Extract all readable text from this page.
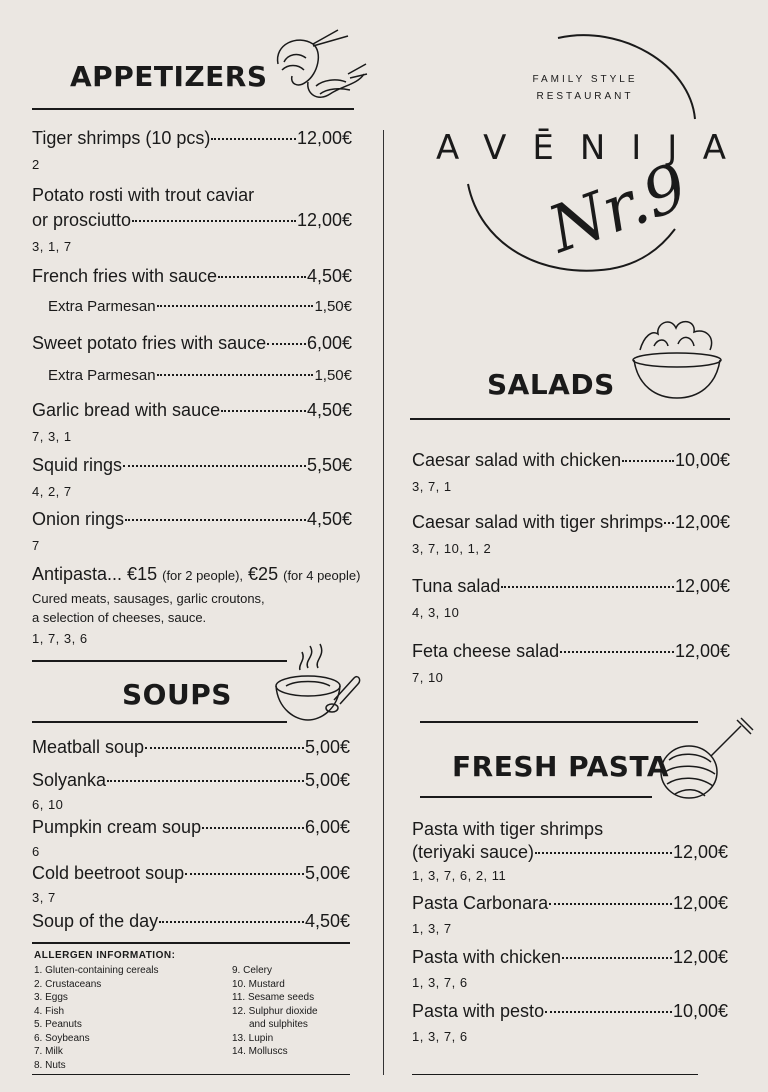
APPETIZERS
Tiger shrimps (10 pcs)	12,00€
2
Potato rosti with trout caviar
or prosciutto	12,00€
3, 1, 7
French fries with sauce	4,50€
Extra Parmesan	1,50€
Sweet potato fries with sauce 6,00€
Extra Parmesan	1,50€
Garlic bread with sauce	4,50€
7, 3, 1
Squid rings	5,50€
4, 2, 7
Onion rings	4,50€
7
Antipasta... €15 (for 2 people), €25 (for 4 people)
Cured meats, sausages, garlic croutons,
a selection of cheeses, sauce.
1, 7, 3, 6
SOUPS
Meatball soup	5,00€
Solyanka	5,00€
6, 10
Pumpkin cream soup	6,00€
6
Cold beetroot soup	5,00€
3, 7
Soup of the day	4,50€
ALLERGEN INFORMATION:
1. Gluten-containing cereals
2. Crustaceans
3. Eggs
4. Fish
5. Peanuts
6. Soybeans
7. Milk
8. Nuts
9. Celery
10. Mustard
11. Sesame seeds
12. Sulphur dioxide
and sulphites
13. Lupin
14. Molluscs
FAMILY STYLE
RESTAURANT
AVĒNIJA
Nr.9
SALADS
Caesar salad with chicken	10,00€
3, 7, 1
Caesar salad with tiger shrimps 12,00€
3, 7, 10, 1, 2
Tuna salad	12,00€
4, 3, 10
Feta cheese salad	12,00€
7, 10
FRESH PASTA
Pasta with tiger shrimps
(teriyaki sauce)	12,00€
1, 3, 7, 6, 2, 11
Pasta Carbonara	12,00€
1, 3, 7
Pasta with chicken	12,00€
1, 3, 7, 6
Pasta with pesto	10,00€
1, 3, 7, 6
